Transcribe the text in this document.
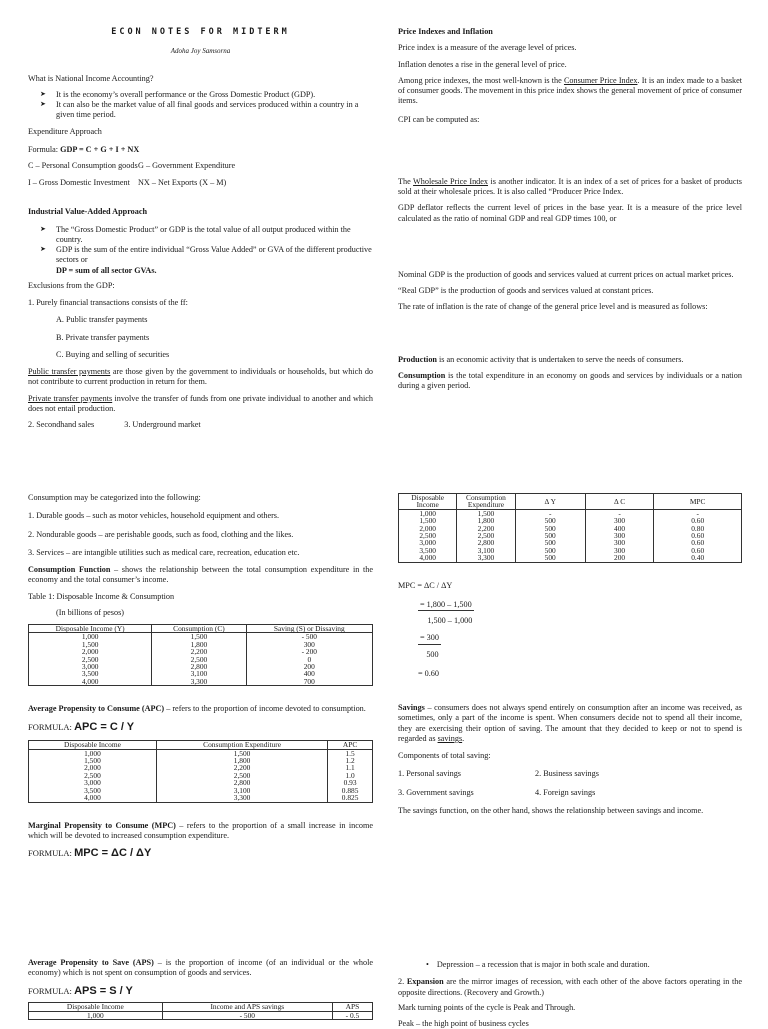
ECON NOTES FOR MIDTERM

Adoha Joy Samsorna

What is National Income Accounting?

➤ It is the economy’s overall performance or the Gross Domestic Product (GDP).
➤ It can also be the market value of all final goods and services produced within a country in a given time period.

Expenditure Approach

Formula: GDP = C + G + I + NX

C – Personal Consumption goods G – Government Expenditure
I – Gross Domestic Investment NX – Net Exports (X – M)

Industrial Value-Added Approach

➤ The “Gross Domestic Product” or GDP is the total value of all output produced within the country.
➤ GDP is the sum of the entire individual “Gross Value Added” or GVA of the different productive sectors or

DP = sum of all sector GVAs.

Exclusions from the GDP:

1. Purely financial transactions consists of the ff:

A. Public transfer payments

B. Private transfer payments

C. Buying and selling of securities

Public transfer payments are those given by the government to individuals or households, but which do not contribute to current production in return for them.

Private transfer payments involve the transfer of funds from one private individual to another and which does not entail production.

2. Secondhand sales	3. Underground market

Price Indexes and Inflation

Price index is a measure of the average level of prices.

Inflation denotes a rise in the general level of price.

Among price indexes, the most well-known is the Consumer Price Index. It is an index made to a basket of consumer goods. The movement in this price index shows the general movement of price of consumer items.

CPI can be computed as:

The Wholesale Price Index is another indicator. It is an index of a set of prices for a basket of products sold at their wholesale prices. It is also called “Producer Price Index.

GDP deflator reflects the current level of prices in the base year. It is a measure of the price level calculated as the ratio of nominal GDP and real GDP times 100, or

Nominal GDP is the production of goods and services valued at current prices on actual market prices.

“Real GDP” is the production of goods and services valued at constant prices.

The rate of inflation is the rate of change of the general price level and is measured as follows:

Production is an economic activity that is undertaken to serve the needs of consumers.

Consumption is the total expenditure in an economy on goods and services by individuals or a nation during a given period.

Consumption may be categorized into the following:

1. Durable goods – such as motor vehicles, household equipment and others.

2. Nondurable goods – are perishable goods, such as food, clothing and the likes.

3. Services – are intangible utilities such as medical care, recreation, education etc.

Consumption Function – shows the relationship between the total consumption expenditure in the economy and the total consumer’s income.

Table 1: Disposable Income & Consumption

(In billions of pesos)

Disposable Income (Y)	Consumption (C)	Saving (S) or Dissaving
1,000	1,500	- 500
1,500	1,800	300
2,000	2,200	- 200
2,500	2,500	0
3,000	2,800	200
3,500	3,100	400
4,000	3,300	700

Average Propensity to Consume (APC) – refers to the proportion of income devoted to consumption.

FORMULA: APC = C / Y

Disposable Income	Consumption Expenditure	APC
1,000	1,500	1.5
1,500	1,800	1.2
2,000	2,200	1.1
2,500	2,500	1.0
3,000	2,800	0.93
3,500	3,100	0.885
4,000	3,300	0.825

Marginal Propensity to Consume (MPC) – refers to the proportion of a small increase in income which will be devoted to increased consumption expenditure.

FORMULA: MPC = ΔC / ΔY

Disposable Income	Consumption Expenditure	Δ Y	Δ C	MPC
1,000	1,500	-	-	-
1,500	1,800	500	300	0.60
2,000	2,200	500	400	0.80
2,500	2,500	500	300	0.60
3,000	2,800	500	300	0.60
3,500	3,100	500	300	0.60
4,000	3,300	500	200	0.40

MPC = ΔC / ΔY

$\frac{= 1,800 - 1,500}{1,500 - 1,000}$
$\frac{= 300}{500}$

= 0.60

Savings – consumers does not always spend entirely on consumption after an income was received, as sometimes, only a part of the income is spent. When consumers decide not to spend all their income, they are exercising their option of saving. The amount that they decided to keep or not to spend is regarded as savings.

Components of total saving:

1. Personal savings	2. Business savings
3. Government savings	4. Foreign savings

The savings function, on the other hand, shows the relationship between savings and income.

Average Propensity to Save (APS) – is the proportion of income (of an individual or the whole economy) which is not spent on consumption of goods and services.

FORMULA: APS = S / Y

Disposable Income	Income and APS savings	APS
1,000	- 500	- 0.5
• Depression – a recession that is major in both scale and duration.

2. Expansion are the mirror images of recession, with each other of the above factors operating in the opposite directions. (Recovery and Growth.)

Mark turning points of the cycle is Peak and Through.

Peak – the high point of business cycles
